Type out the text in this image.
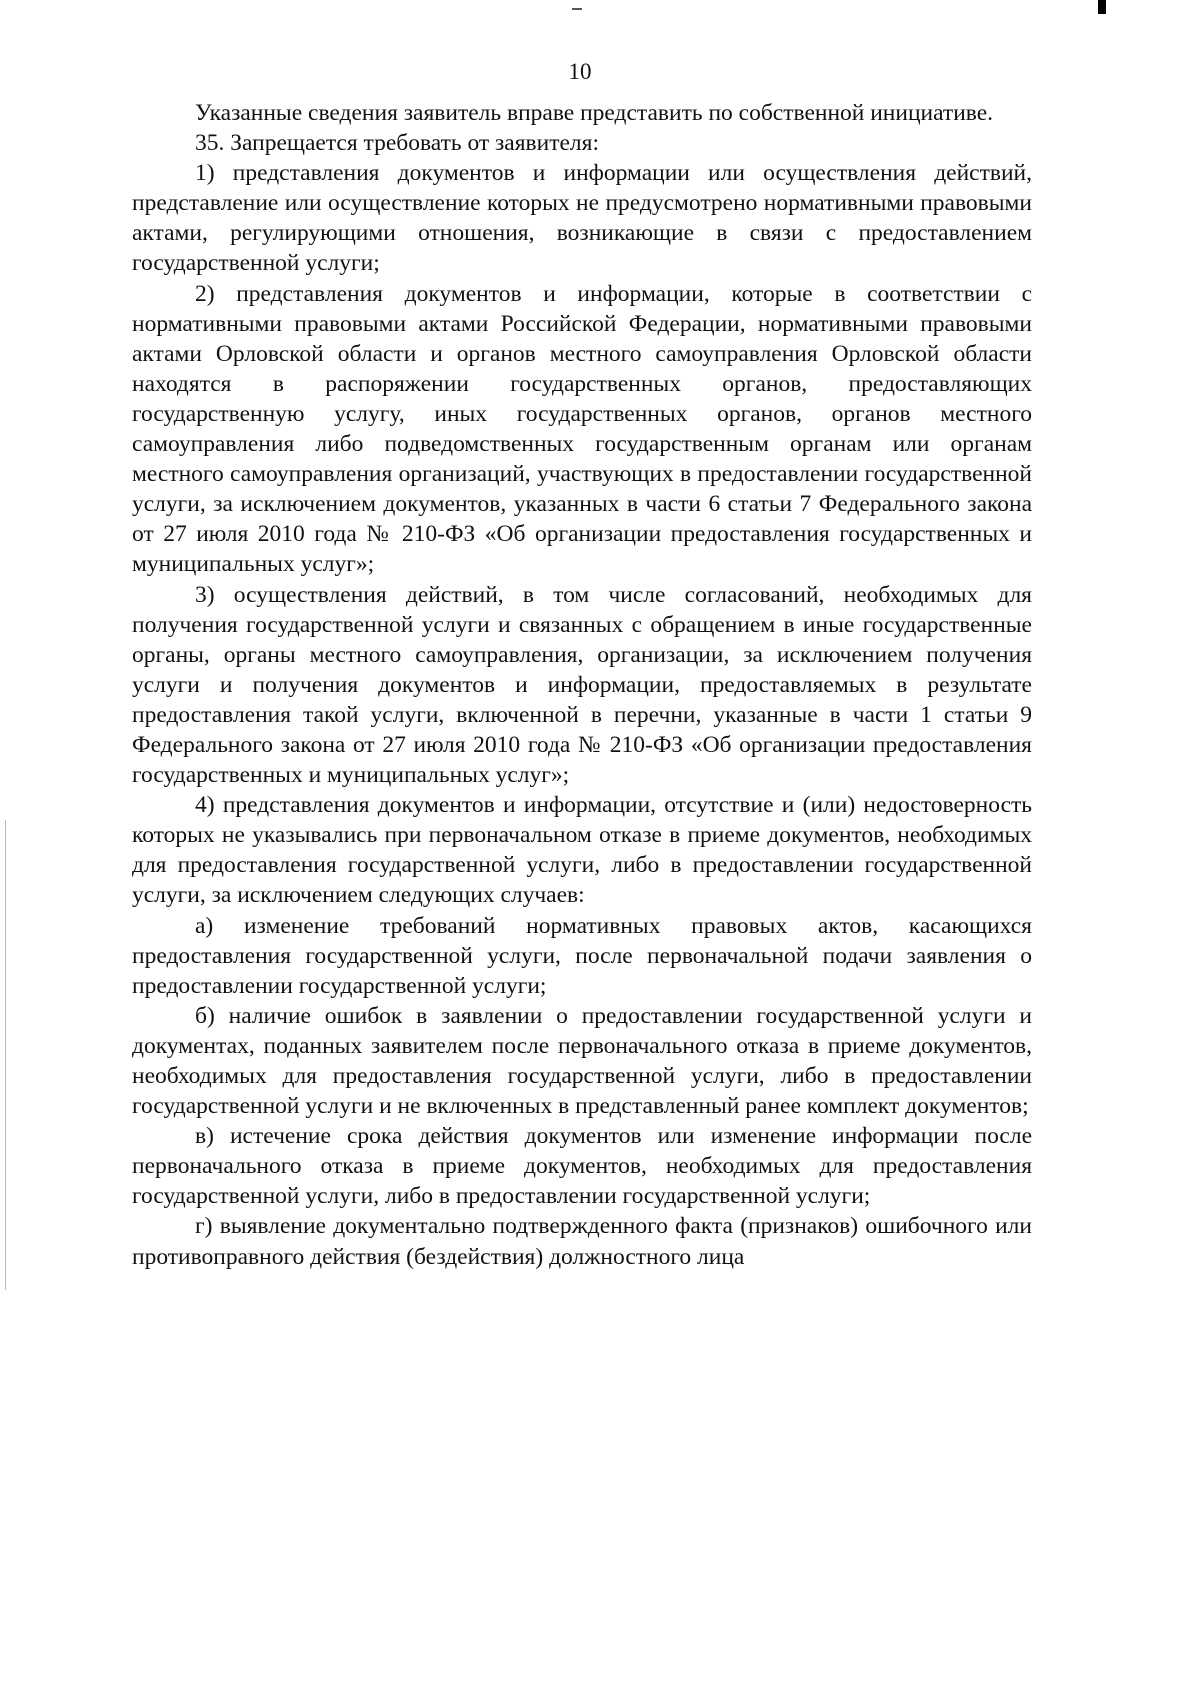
10

Указанные сведения заявитель вправе представить по собственной инициативе.

35. Запрещается требовать от заявителя:

1) представления документов и информации или осуществления действий, представление или осуществление которых не предусмотрено нормативными правовыми актами, регулирующими отношения, возникающие в связи с предоставлением государственной услуги;

2) представления документов и информации, которые в соответствии с нормативными правовыми актами Российской Федерации, нормативными правовыми актами Орловской области и органов местного самоуправления Орловской области находятся в распоряжении государственных органов, предоставляющих государственную услугу, иных государственных органов, органов местного самоуправления либо подведомственных государственным органам или органам местного самоуправления организаций, участвующих в предоставлении государственной услуги, за исключением документов, указанных в части 6 статьи 7 Федерального закона от 27 июля 2010 года № 210-ФЗ «Об организации предоставления государственных и муниципальных услуг»;

3) осуществления действий, в том числе согласований, необходимых для получения государственной услуги и связанных с обращением в иные государственные органы, органы местного самоуправления, организации, за исключением получения услуги и получения документов и информации, предоставляемых в результате предоставления такой услуги, включенной в перечни, указанные в части 1 статьи 9 Федерального закона от 27 июля 2010 года № 210-ФЗ «Об организации предоставления государственных и муниципальных услуг»;

4) представления документов и информации, отсутствие и (или) недостоверность которых не указывались при первоначальном отказе в приеме документов, необходимых для предоставления государственной услуги, либо в предоставлении государственной услуги, за исключением следующих случаев:

а) изменение требований нормативных правовых актов, касающихся предоставления государственной услуги, после первоначальной подачи заявления о предоставлении государственной услуги;

б) наличие ошибок в заявлении о предоставлении государственной услуги и документах, поданных заявителем после первоначального отказа в приеме документов, необходимых для предоставления государственной услуги, либо в предоставлении государственной услуги и не включенных в представленный ранее комплект документов;

в) истечение срока действия документов или изменение информации после первоначального отказа в приеме документов, необходимых для предоставления государственной услуги, либо в предоставлении государственной услуги;

г) выявление документально подтвержденного факта (признаков) ошибочного или противоправного действия (бездействия) должностного лица
